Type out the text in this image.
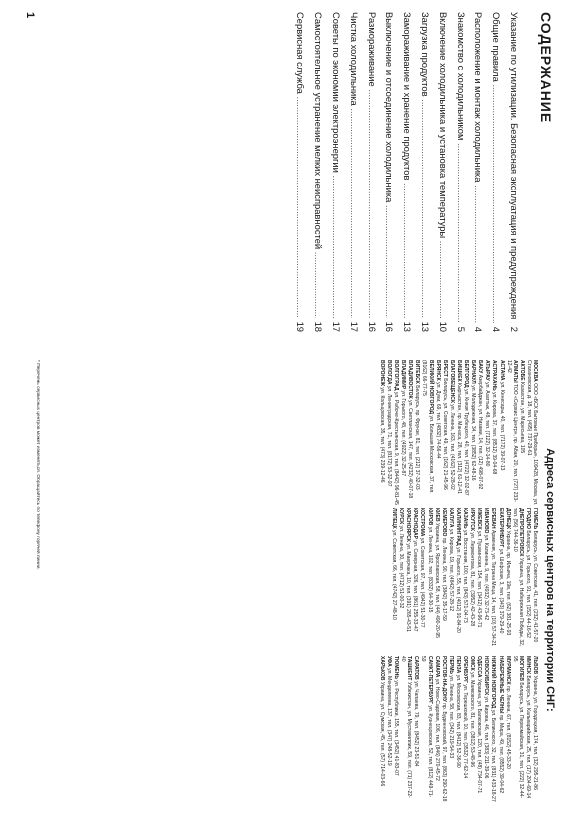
СОДЕРЖАНИЕ
Указание по утилизации. Безопасная эксплуатация и предупреждения .....
2
Общие правила .....
4
Расположение и монтаж холодильника .....
4
Знакомство с холодильником .....
5
Включение холодильника и установка температуры .....
10
Загрузка продуктов .....
13
Замораживание и хранение продуктов .....
13
Выключение и отсоединение холодильника .....
16
Размораживание .....
16
Чистка холодильника .....
17
Советы по экономии электроэнергии .....
17
Самостоятельное устранение мелких неисправностей .....
18
Сервисная служба .....
19
1
Адреса сервисных центров на территории СНГ:
МОСКВА ООО «БСХ Бытовые Приборы», 109428, Москва, ул. Стахановская, д. 18, тел. (495) 737-29-61
АКТОБЕ Казахстан, ул. Маресьева, 105
АЛМАТЫ ТОО «Сервис Центр», пр. Абая, 20, тел. (727) 233-12-42
АСТАНА ул. Кенесары, 40, тел. (7172) 39-07-13
АСТРАХАНЬ ул. Кирова, 37, тел. (8512) 39-04-68
АТЫРАУ ул. Азаттык, 48, тел. (7122) 32-14-80
БАКУ Азербайджан, ул. Низами, 14, тел. (12) 498-07-92
БАРНАУЛ ул. Молодежная, 34, тел. (3852) 62-48-16
БЕЛГОРОД ул. Князя Трубецкого, 40, тел. (4722) 32-02-87
БИШКЕК Кыргызстан, пр. Манаса, 28, тел. (312) 61-12-41
БЛАГОВЕЩЕНСК ул. Ленина, 163, тел. (4162) 52-28-02
БРЕСТ Беларусь, ул. Советская, 49, тел. (162) 21-45-96
БРЯНСК ул. Дуки, 69, тел. (4832) 74-56-44
ВЕЛИКИЙ НОВГОРОД ул. Большая Московская, 37, тел. (8162) 66-77-75
ВИТЕБСК Беларусь, пр. Фрунзе, 81, тел. (212) 37-32-03
ВЛАДИВОСТОК ул. Светланская, 147, тел. (4232) 40-07-18
ВЛАДИМИР ул. Горького, 48, тел. (4922) 32-25-87
ВОЛГОГРАД ул. Рабоче-Крестьянская, 9, тел. (8442) 96-81-45
ВОЛОГДА ул. Ленинградская, 71, тел. (8172) 53-32-97
ВОРОНЕЖ ул. Кольцовская, 35, тел. (473) 239-12-46
ГОМЕЛЬ Беларусь, ул. Советская, 41, тел. (232) 41-57-20
ГРОДНО Беларусь, ул. Горького, 91, тел. (152) 44-16-52
ДНЕПРОПЕТРОВСК Украина, ул. Набережная Победы, 32, тел. (56) 744-36-10
ДОНЕЦК Украина, пр. Ильича, 19в, тел. (62) 381-25-93
ЕКАТЕРИНБУРГ ул. Шефская, 3, тел. (343) 379-29-40
ЕРЕВАН Армения, ул. Тиграна Меца, 14, тел. (10) 57-34-21
ИВАНОВО ул. Калинина, 9, тел. (4932) 32-73-42
ИЖЕВСК ул. Пушкинская, 154, тел. (3412) 43-96-71
ИРКУТСК ул. Лермонтова, 81, тел. (3952) 42-43-28
КАЗАНЬ ул. Восстания, 100, тел. (843) 571-04-73
КАЛИНИНГРАД ул. Горького, 55, тел. (4012) 91-84-20
КАЛУГА ул. Кирова, 19, тел. (4842) 57-28-12
КЕМЕРОВО пр. Ленина, 90, тел. (3842) 35-17-59
КИЕВ Украина, ул. Ярославская, 58, тел. (44) 490-20-95
КИРОВ ул. Ленина, 102, тел. (8332) 64-30-15
КОСТРОМА ул. Советская, 97, тел. (4942) 51-30-77
КРАСНОДАР ул. Северная, 326, тел. (861) 255-33-47
КРАСНОЯРСК ул. Маерчака, 10, тел. (391) 265-43-51
КУРСК ул. Ленина, 30, тел. (4712) 51-00-32
ЛИПЕЦК ул. Советская, 66, тел. (4742) 27-48-10
ЛЬВОВ Украина, ул. Городоцкая, 174, тел. (32) 295-21-86
МИНСК Беларусь, ул. Кальварийская, 25, тел. (17) 204-69-14
МОГИЛЕВ Беларусь, ул. Первомайская, 31, тел. (222) 32-44-95
МУРМАНСК пр. Ленина, 67, тел. (8152) 45-33-20
НАБЕРЕЖНЫЕ ЧЕЛНЫ пр. Мира, 49, тел. (8552) 39-04-62
НИЖНИЙ НОВГОРОД ул. Белинского, 32, тел. (831) 433-18-27
НОВОСИБИРСК ул. Кирова, 46, тел. (383) 211-39-06
ОДЕССА Украина, ул. Балковская, 120, тел. (48) 734-07-71
ОМСК ул. Маяковского, 81, тел. (3812) 53-48-96
ОРЕНБУРГ ул. Терешковой, 10, тел. (3532) 77-62-14
ПЕНЗА ул. Московская, 83, тел. (8412) 52-36-90
ПЕРМЬ ул. Ленина, 58, тел. (342) 219-54-33
РОСТОВ-НА-ДОНУ пр. Буденновский, 97, тел. (863) 290-62-18
САМАРА ул. Ново-Садовая, 106, тел. (846) 270-45-72
САНКТ-ПЕТЕРБУРГ ул. Кузнецовская, 52, тел. (812) 449-71-59
САРАТОВ ул. Чапаева, 79, тел. (8452) 23-51-84
ТАШКЕНТ Узбекистан, ул. Мустакиллик, 59, тел. (71) 237-22-40
ТЮМЕНЬ ул. Республики, 155, тел. (3452) 41-83-07
УФА ул. Менделеева, 137, тел. (347) 248-52-19
ХАРЬКОВ Украина, ул. Сумская, 45, тел. (57) 714-03-66
* Перечень сервисных центров может изменяться. Обращайтесь по телефону горячей линии.
